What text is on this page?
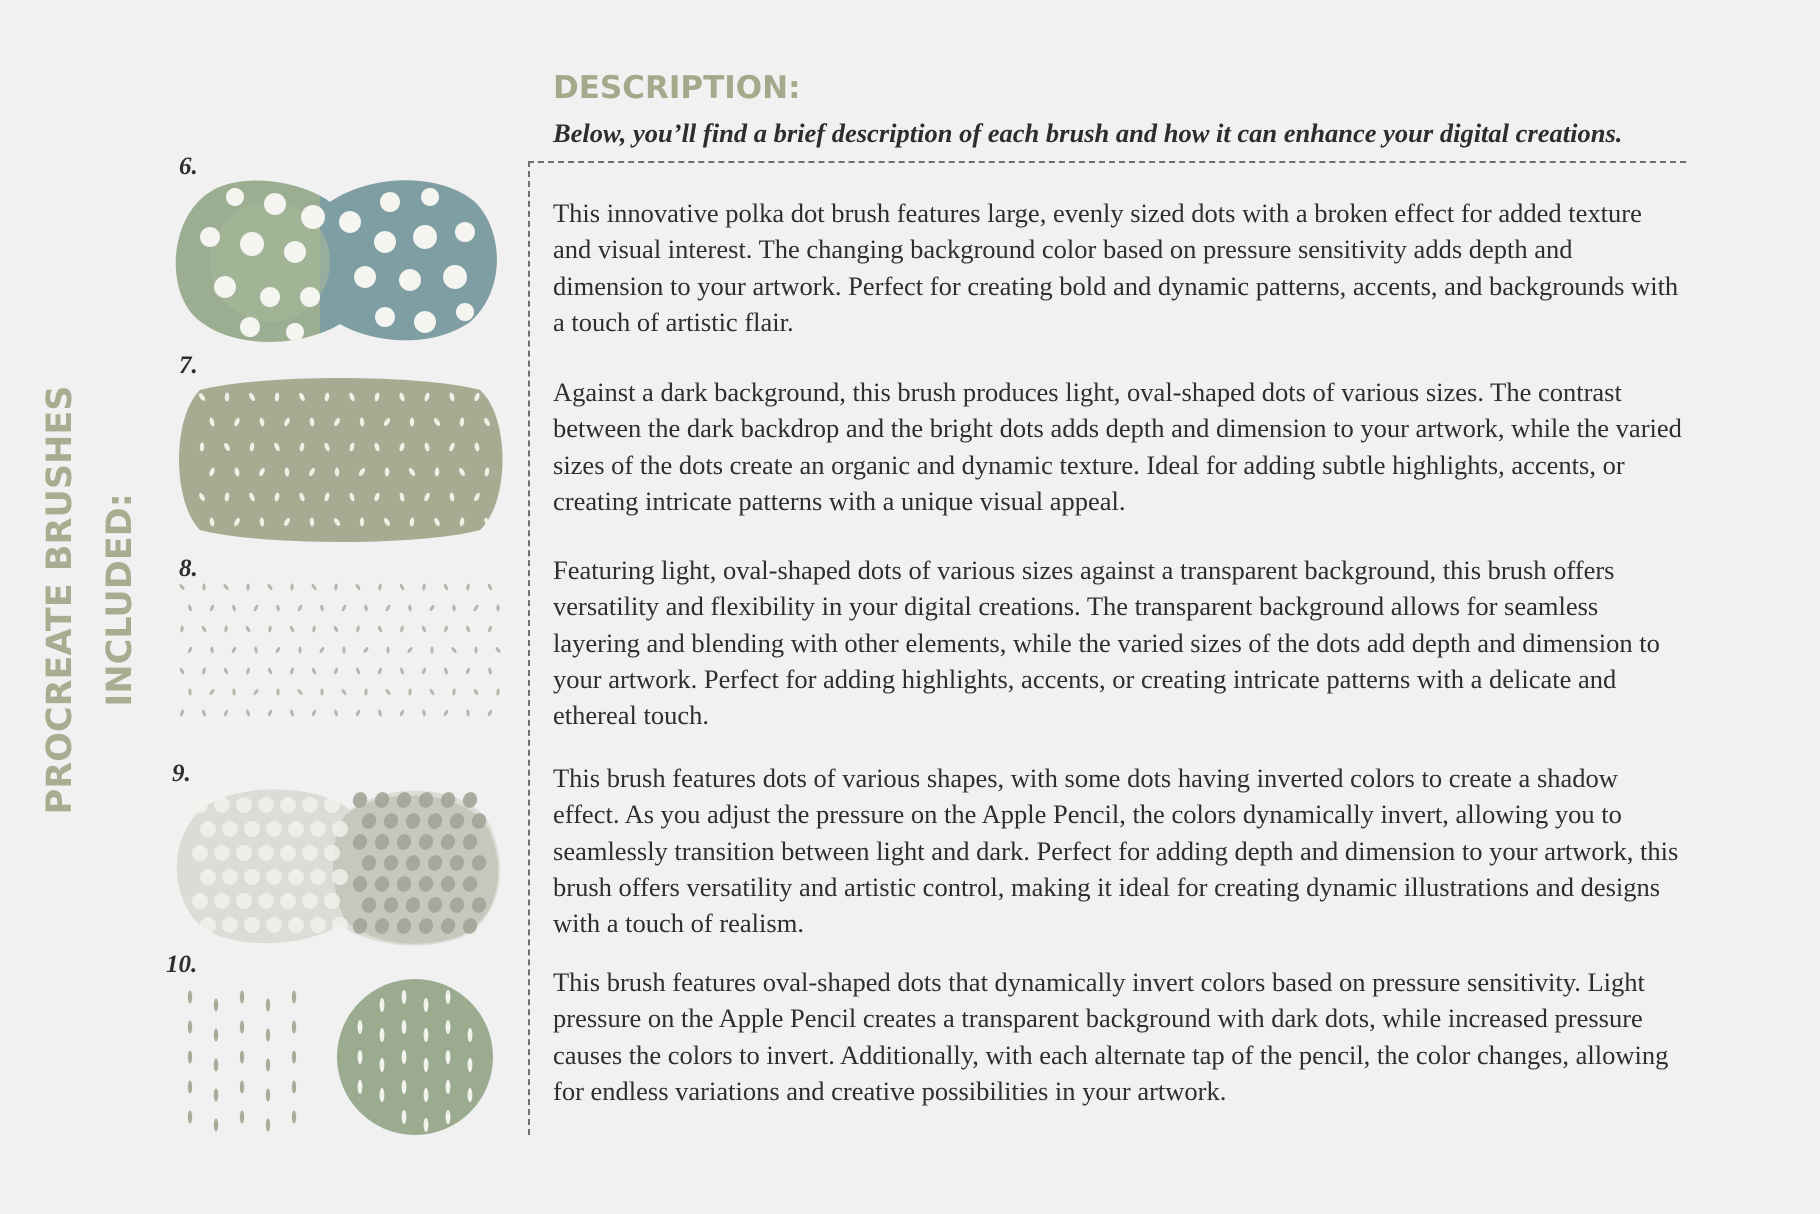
PROCREATE BRUSHES INCLUDED:
DESCRIPTION:

Below, you’ll find a brief description of each brush and how it can enhance your digital creations.

6.
7.
8.
9.
10.

This innovative polka dot brush features large, evenly sized dots with a broken effect for added texture and visual interest. The changing background color based on pressure sensitivity adds depth and dimension to your artwork. Perfect for creating bold and dynamic patterns, accents, and backgrounds with a touch of artistic flair.

Against a dark background, this brush produces light, oval-shaped dots of various sizes. The contrast between the dark backdrop and the bright dots adds depth and dimension to your artwork, while the varied sizes of the dots create an organic and dynamic texture. Ideal for adding subtle highlights, accents, or creating intricate patterns with a unique visual appeal.

Featuring light, oval-shaped dots of various sizes against a transparent background, this brush offers versatility and flexibility in your digital creations. The transparent background allows for seamless layering and blending with other elements, while the varied sizes of the dots add depth and dimension to your artwork. Perfect for adding highlights, accents, or creating intricate patterns with a delicate and ethereal touch.

This brush features dots of various shapes, with some dots having inverted colors to create a shadow effect. As you adjust the pressure on the Apple Pencil, the colors dynamically invert, allowing you to seamlessly transition between light and dark. Perfect for adding depth and dimension to your artwork, this brush offers versatility and artistic control, making it ideal for creating dynamic illustrations and designs with a touch of realism.

This brush features oval-shaped dots that dynamically invert colors based on pressure sensitivity. Light pressure on the Apple Pencil creates a transparent background with dark dots, while increased pressure causes the colors to invert. Additionally, with each alternate tap of the pencil, the color changes, allowing for endless variations and creative possibilities in your artwork.
